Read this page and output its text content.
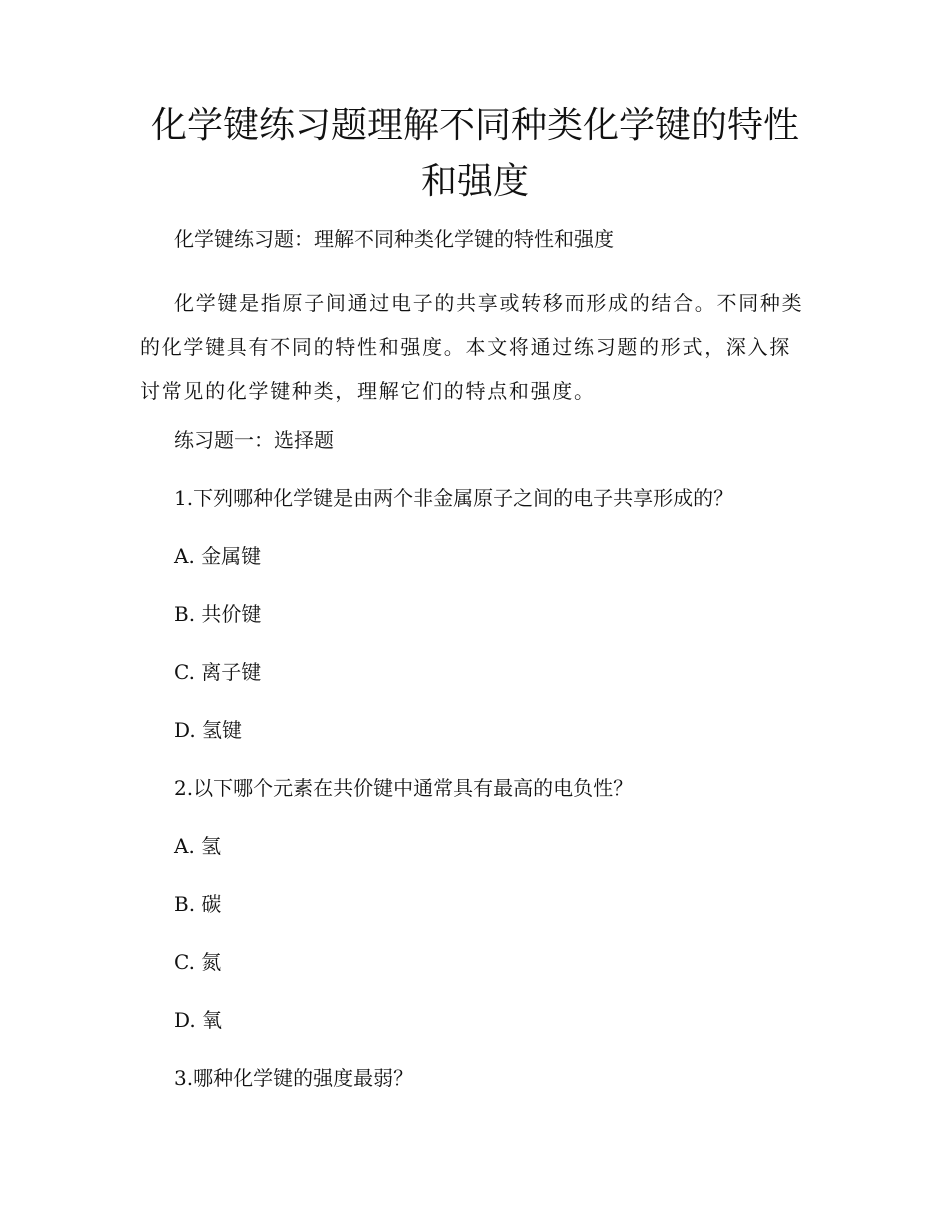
化学键练习题理解不同种类化学键的特性和强度

化学键练习题：理解不同种类化学键的特性和强度

化学键是指原子间通过电子的共享或转移而形成的结合。不同种类的化学键具有不同的特性和强度。本文将通过练习题的形式，深入探讨常见的化学键种类，理解它们的特点和强度。

练习题一：选择题

1.下列哪种化学键是由两个非金属原子之间的电子共享形成的？

A. 金属键

B. 共价键

C. 离子键

D. 氢键

2.以下哪个元素在共价键中通常具有最高的电负性？

A. 氢

B. 碳

C. 氮

D. 氧

3.哪种化学键的强度最弱？
